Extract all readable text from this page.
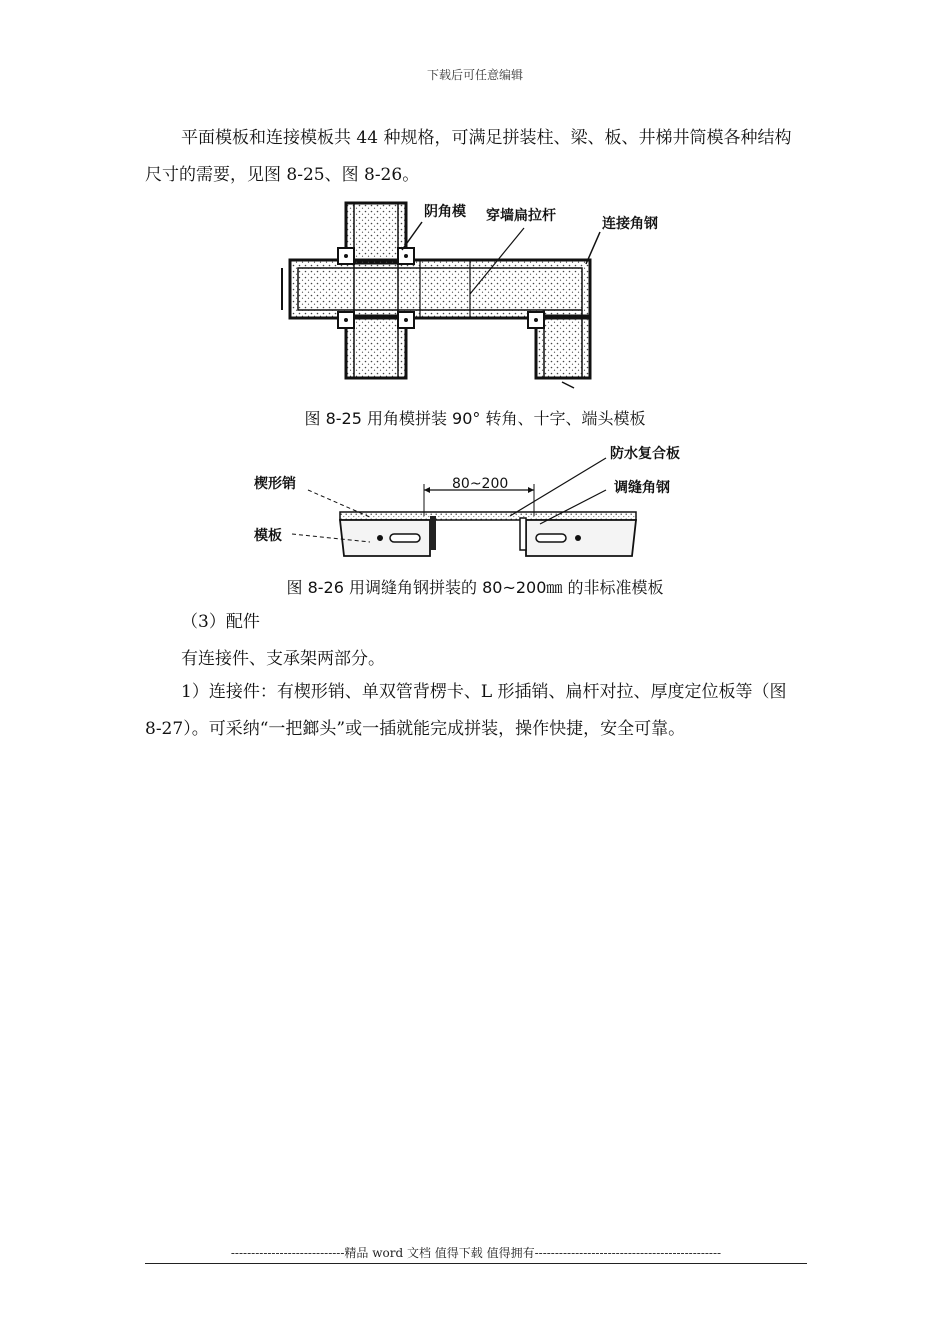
下载后可任意编辑

平面模板和连接模板共 44 种规格，可满足拼装柱、梁、板、井梯井筒模各种结构尺寸的需要，见图 8-25、图 8-26。

阴角模 穿墙扁拉杆	连接角钢
图 8-25 用角模拼装 90° 转角、十字、端头模板
楔形销
防水复合板
80~200	调缝角钢
模板
图 8-26 用调缝角钢拼装的 80~200㎜ 的非标准模板

（3）配件

有连接件、支承架两部分。

1）连接件：有楔形销、单双管背楞卡、L 形插销、扁杆对拉、厚度定位板等（图 8-27）。可采纳“一把鎯头”或一插就能完成拼装，操作快捷，安全可靠。

----------------------------精品 word 文档 值得下载 值得拥有----------------------------------------------
